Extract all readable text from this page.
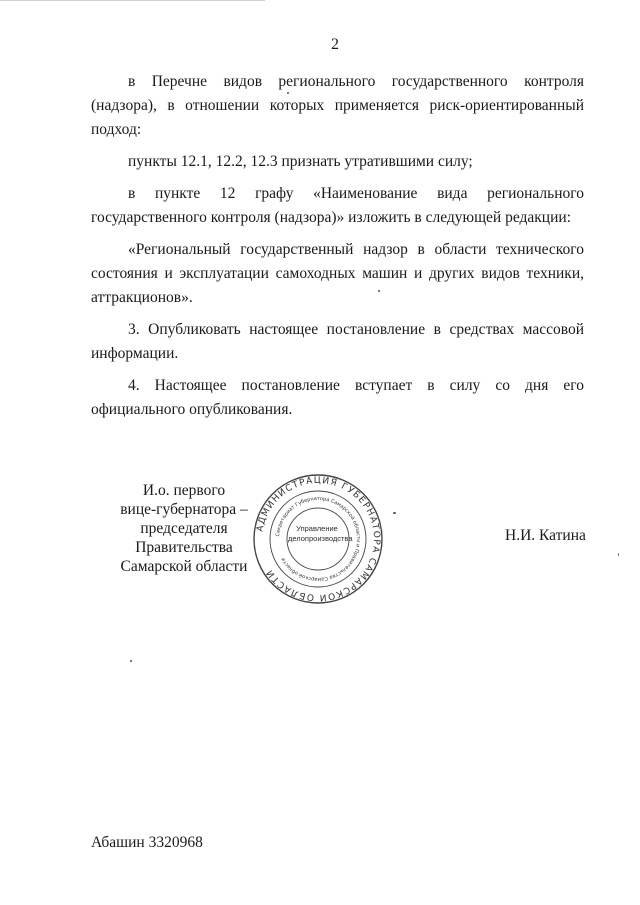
2

в Перечне видов регионального государственного контроля (надзора), в отношении которых применяется риск-ориентированный подход:

пункты 12.1, 12.2, 12.3 признать утратившими силу;

в пункте 12 графу «Наименование вида регионального государственного контроля (надзора)» изложить в следующей редакции:

«Региональный государственный надзор в области технического состояния и эксплуатации самоходных машин и других видов техники, аттракционов».

3. Опубликовать настоящее постановление в средствах массовой информации.

4. Настоящее постановление вступает в силу со дня его официального опубликования.

И.о. первого
вице-губернатора –
председателя Правительства
Самарской области
АДМИНИСТРАЦИЯ ГУБЕРНАТОРА САМАРСКОЙ ОБЛАСТИ
Секретариат Губернатора Самарской области и Правительства Самарской области
Управление
делопроизводства	Н.И. Катина
Абашин 3320968
